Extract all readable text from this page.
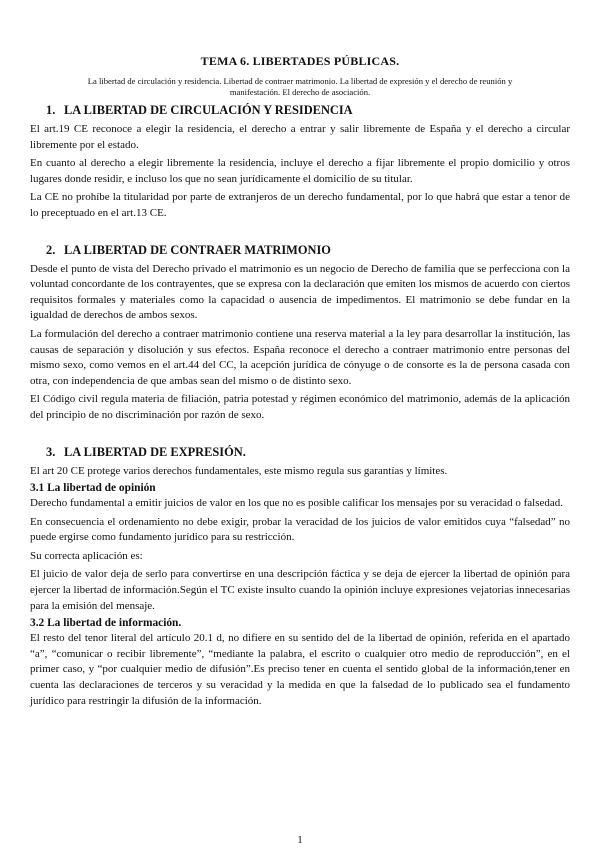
TEMA 6. LIBERTADES PÚBLICAS.
La libertad de circulación y residencia. Libertad de contraer matrimonio. La libertad de expresión y el derecho de reunión y manifestación. El derecho de asociación.
1. LA LIBERTAD DE CIRCULACIÓN Y RESIDENCIA

El art.19 CE reconoce a elegir la residencia, el derecho a entrar y salir libremente de España y el derecho a circular libremente por el estado.

En cuanto al derecho a elegir libremente la residencia, incluye el derecho a fijar libremente el propio domicilio y otros lugares donde residir, e incluso los que no sean jurídicamente el domicilio de su titular.

La CE no prohíbe la titularidad por parte de extranjeros de un derecho fundamental, por lo que habrá que estar a tenor de lo preceptuado en el art.13 CE.

2. LA LIBERTAD DE CONTRAER MATRIMONIO

Desde el punto de vista del Derecho privado el matrimonio es un negocio de Derecho de familia que se perfecciona con la voluntad concordante de los contrayentes, que se expresa con la declaración que emiten los mismos de acuerdo con ciertos requisitos formales y materiales como la capacidad o ausencia de impedimentos. El matrimonio se debe fundar en la igualdad de derechos de ambos sexos.

La formulación del derecho a contraer matrimonio contiene una reserva material a la ley para desarrollar la institución, las causas de separación y disolución y sus efectos. España reconoce el derecho a contraer matrimonio entre personas del mismo sexo, como vemos en el art.44 del CC, la acepción jurídica de cónyuge o de consorte es la de persona casada con otra, con independencia de que ambas sean del mismo o de distinto sexo.

El Código civil regula materia de filiación, patria potestad y régimen económico del matrimonio, además de la aplicación del principio de no discriminación por razón de sexo.

3. LA LIBERTAD DE EXPRESIÓN.

El art 20 CE protege varios derechos fundamentales, este mismo regula sus garantías y límites.

3.1 La libertad de opinión

Derecho fundamental a emitir juicios de valor en los que no es posible calificar los mensajes por su veracidad o falsedad.

En consecuencia el ordenamiento no debe exigir, probar la veracidad de los juicios de valor emitidos cuya “falsedad” no puede ergirse como fundamento jurídico para su restricción.

Su correcta aplicación es:

El juicio de valor deja de serlo para convertirse en una descripción fáctica y se deja de ejercer la libertad de opinión para ejercer la libertad de información.Según el TC existe insulto cuando la opinión incluye expresiones vejatorias innecesarias para la emisión del mensaje.

3.2 La libertad de información.

El resto del tenor literal del artículo 20.1 d, no difiere en su sentido del de la libertad de opinión, referida en el apartado “a”, “comunicar o recibir libremente”, “mediante la palabra, el escrito o cualquier otro medio de reproducción”, en el primer caso, y “por cualquier medio de difusión”.Es preciso tener en cuenta el sentido global de la información,tener en cuenta las declaraciones de terceros y su veracidad y la medida en que la falsedad de lo publicado sea el fundamento jurídico para restringir la difusión de la información.

1
